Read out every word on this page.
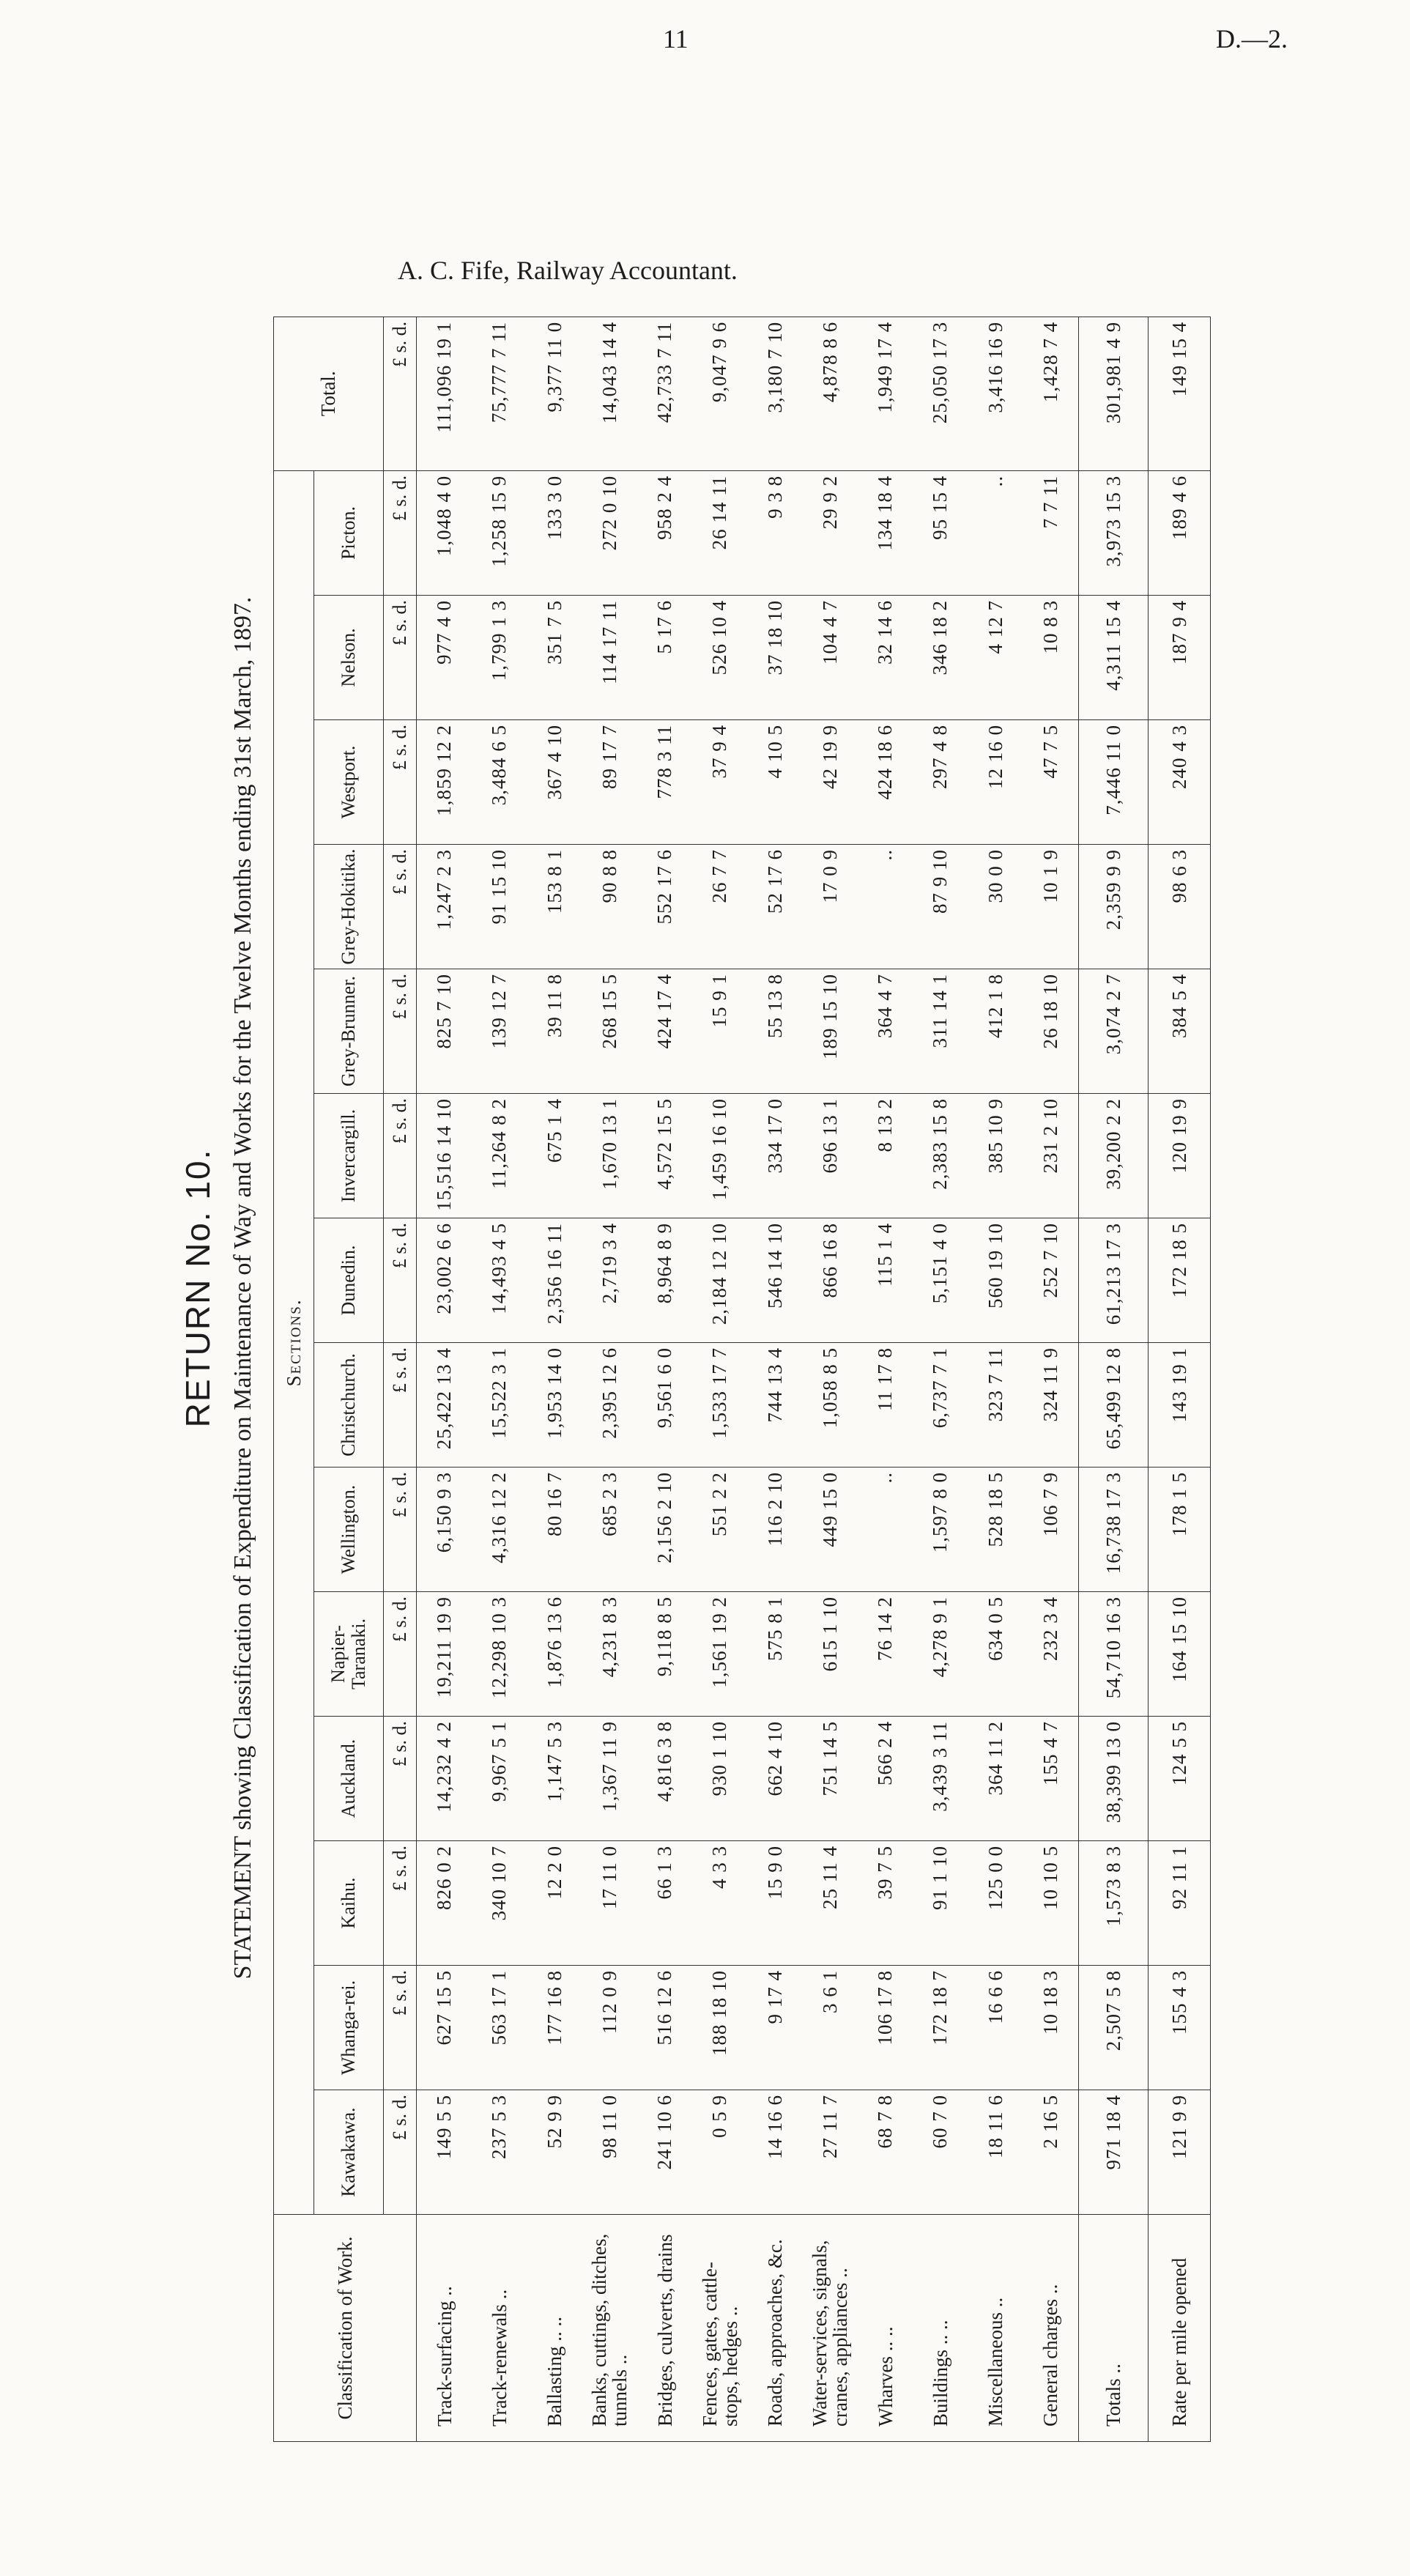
11	D.—2.
RETURN No. 10. STATEMENT showing Classification of Expenditure on Maintenance of Way and Works for the Twelve Months ending 31st March, 1897.
Classification of Work.	Sections.														Total.
	Kawakawa.	Whanga-rei.	Kaihu.	Auckland.	Napier-Taranaki.	Wellington.	Christchurch.	Dunedin.	Invercargill.	Grey-Brunner.	Grey-Hokitika.	Westport.	Nelson.	Picton.	
	£ s. d.	£ s. d.	£ s. d.	£ s. d.	£ s. d.	£ s. d.	£ s. d.	£ s. d.	£ s. d.	£ s. d.	£ s. d.	£ s. d.	£ s. d.	£ s. d.	£ s. d.
Track-surfacing ..	149 5 5	627 15 5	826 0 2	14,232 4 2	19,211 19 9	6,150 9 3	25,422 13 4	23,002 6 6	15,516 14 10	825 7 10	1,247 2 3	1,859 12 2	977 4 0	1,048 4 0	111,096 19 1
Track-renewals ..	237 5 3	563 17 1	340 10 7	9,967 5 1	12,298 10 3	4,316 12 2	15,522 3 1	14,493 4 5	11,264 8 2	139 12 7	91 15 10	3,484 6 5	1,799 1 3	1,258 15 9	75,777 7 11
Ballasting .. ..	52 9 9	177 16 8	12 2 0	1,147 5 3	1,876 13 6	80 16 7	1,953 14 0	2,356 16 11	675 1 4	39 11 8	153 8 1	367 4 10	351 7 5	133 3 0	9,377 11 0
Banks, cuttings, ditches, tunnels ..	98 11 0	112 0 9	17 11 0	1,367 11 9	4,231 8 3	685 2 3	2,395 12 6	2,719 3 4	1,670 13 1	268 15 5	90 8 8	89 17 7	114 17 11	272 0 10	14,043 14 4
Bridges, culverts, drains	241 10 6	516 12 6	66 1 3	4,816 3 8	9,118 8 5	2,156 2 10	9,561 6 0	8,964 8 9	4,572 15 5	424 17 4	552 17 6	778 3 11	5 17 6	958 2 4	42,733 7 11
Fences, gates, cattle-stops, hedges ..	0 5 9	188 18 10	4 3 3	930 1 10	1,561 19 2	551 2 2	1,533 17 7	2,184 12 10	1,459 16 10	15 9 1	26 7 7	37 9 4	526 10 4	26 14 11	9,047 9 6
Roads, approaches, &c.	14 16 6	9 17 4	15 9 0	662 4 10	575 8 1	116 2 10	744 13 4	546 14 10	334 17 0	55 13 8	52 17 6	4 10 5	37 18 10	9 3 8	3,180 7 10
Water-services, signals, cranes, appliances ..	27 11 7	3 6 1	25 11 4	751 14 5	615 1 10	449 15 0	1,058 8 5	866 16 8	696 13 1	189 15 10	17 0 9	42 19 9	104 4 7	29 9 2	4,878 8 6
Wharves .. ..	68 7 8	106 17 8	39 7 5	566 2 4	76 14 2	..	11 17 8	115 1 4	8 13 2	364 4 7	..	424 18 6	32 14 6	134 18 4	1,949 17 4
Buildings .. ..	60 7 0	172 18 7	91 1 10	3,439 3 11	4,278 9 1	1,597 8 0	6,737 7 1	5,151 4 0	2,383 15 8	311 14 1	87 9 10	297 4 8	346 18 2	95 15 4	25,050 17 3
Miscellaneous ..	18 11 6	16 6 6	125 0 0	364 11 2	634 0 5	528 18 5	323 7 11	560 19 10	385 10 9	412 1 8	30 0 0	12 16 0	4 12 7	..	3,416 16 9
General charges ..	2 16 5	10 18 3	10 10 5	155 4 7	232 3 4	106 7 9	324 11 9	252 7 10	231 2 10	26 18 10	10 1 9	47 7 5	10 8 3	7 7 11	1,428 7 4
Totals ..	971 18 4	2,507 5 8	1,573 8 3	38,399 13 0	54,710 16 3	16,738 17 3	65,499 12 8	61,213 17 3	39,200 2 2	3,074 2 7	2,359 9 9	7,446 11 0	4,311 15 4	3,973 15 3	301,981 4 9
Rate per mile opened	121 9 9	155 4 3	92 11 1	124 5 5	164 15 10	178 1 5	143 19 1	172 18 5	120 19 9	384 5 4	98 6 3	240 4 3	187 9 4	189 4 6	149 15 4
A. C. Fife, Railway Accountant.
